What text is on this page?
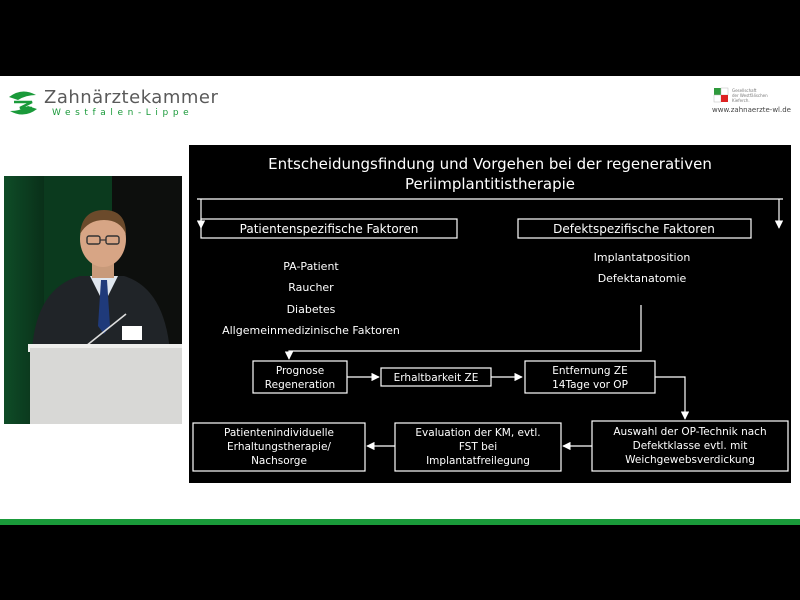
Zahnärztekammer
Westfalen-Lippe
Gesellschaft
der Westfälischen
Kieferch.
www.zahnaerzte-wl.de
Entscheidungsfindung und Vorgehen bei der regenerativen
Periimplantitistherapie
Patientenspezifische Faktoren	Defektspezifische Faktoren
PA-Patient
Raucher
Diabetes
Allgemeinmedizinische Faktoren
Implantatposition
Defektanatomie
Prognose
Regeneration
Erhaltbarkeit ZE
Entfernung ZE
14Tage vor OP
Auswahl der OP-Technik nach
Defektklasse evtl. mit
Weichgewebsverdickung
Evaluation der KM, evtl.
FST bei
Implantatfreilegung
Patientenindividuelle
Erhaltungstherapie/
Nachsorge
